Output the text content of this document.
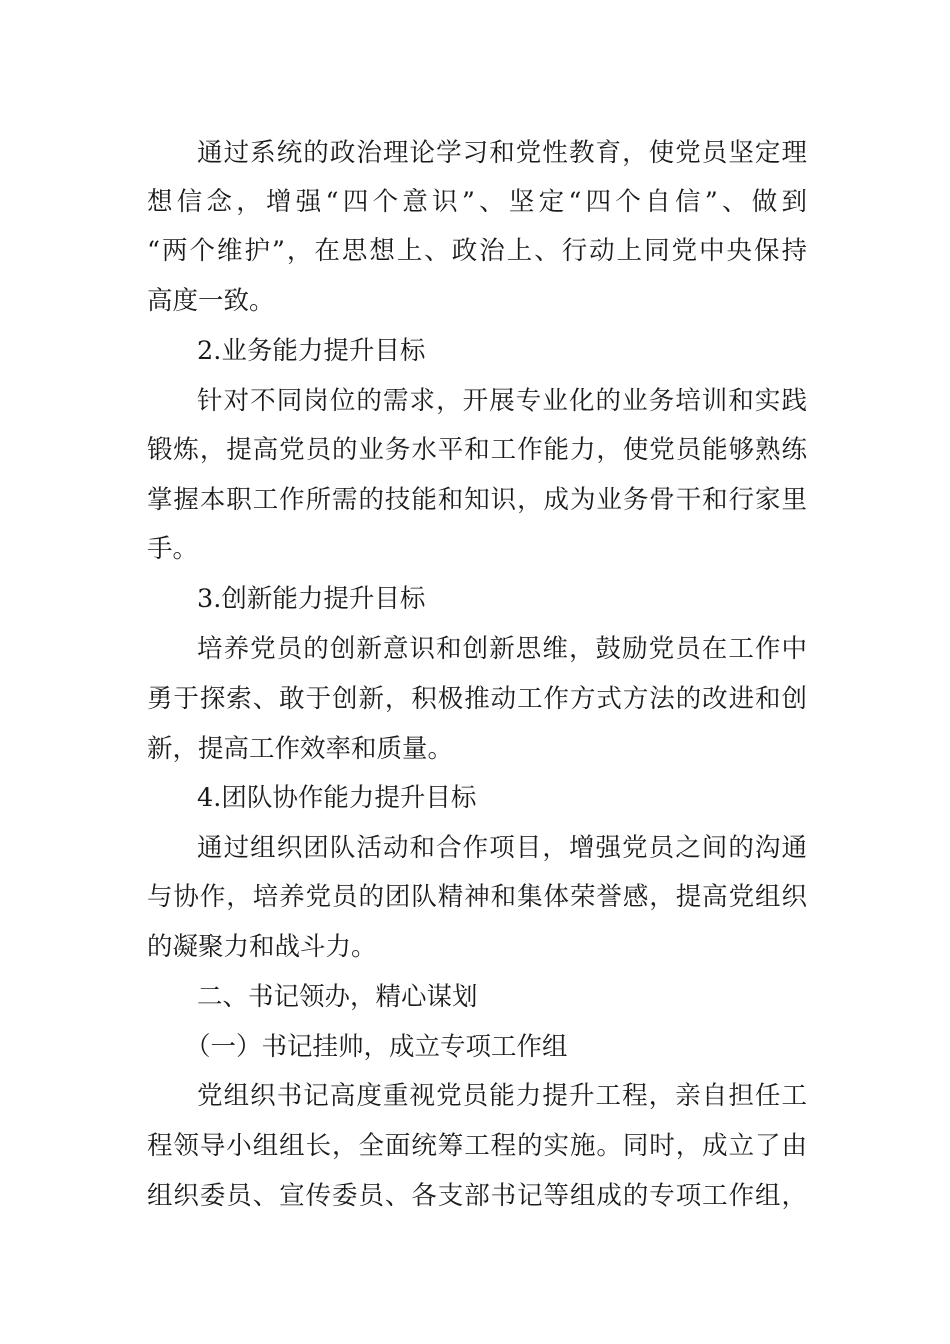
通过系统的政治理论学习和党性教育，使党员坚定理
想信念，增强“四个意识”、坚定“四个自信”、做到
“两个维护”，在思想上、政治上、行动上同党中央保持
高度一致。
2.业务能力提升目标
针对不同岗位的需求，开展专业化的业务培训和实践
锻炼，提高党员的业务水平和工作能力，使党员能够熟练
掌握本职工作所需的技能和知识，成为业务骨干和行家里
手。
3.创新能力提升目标
培养党员的创新意识和创新思维，鼓励党员在工作中
勇于探索、敢于创新，积极推动工作方式方法的改进和创
新，提高工作效率和质量。
4.团队协作能力提升目标
通过组织团队活动和合作项目，增强党员之间的沟通
与协作，培养党员的团队精神和集体荣誉感，提高党组织
的凝聚力和战斗力。
二、书记领办，精心谋划
（一）书记挂帅，成立专项工作组
党组织书记高度重视党员能力提升工程，亲自担任工
程领导小组组长，全面统筹工程的实施。同时，成立了由
组织委员、宣传委员、各支部书记等组成的专项工作组，
